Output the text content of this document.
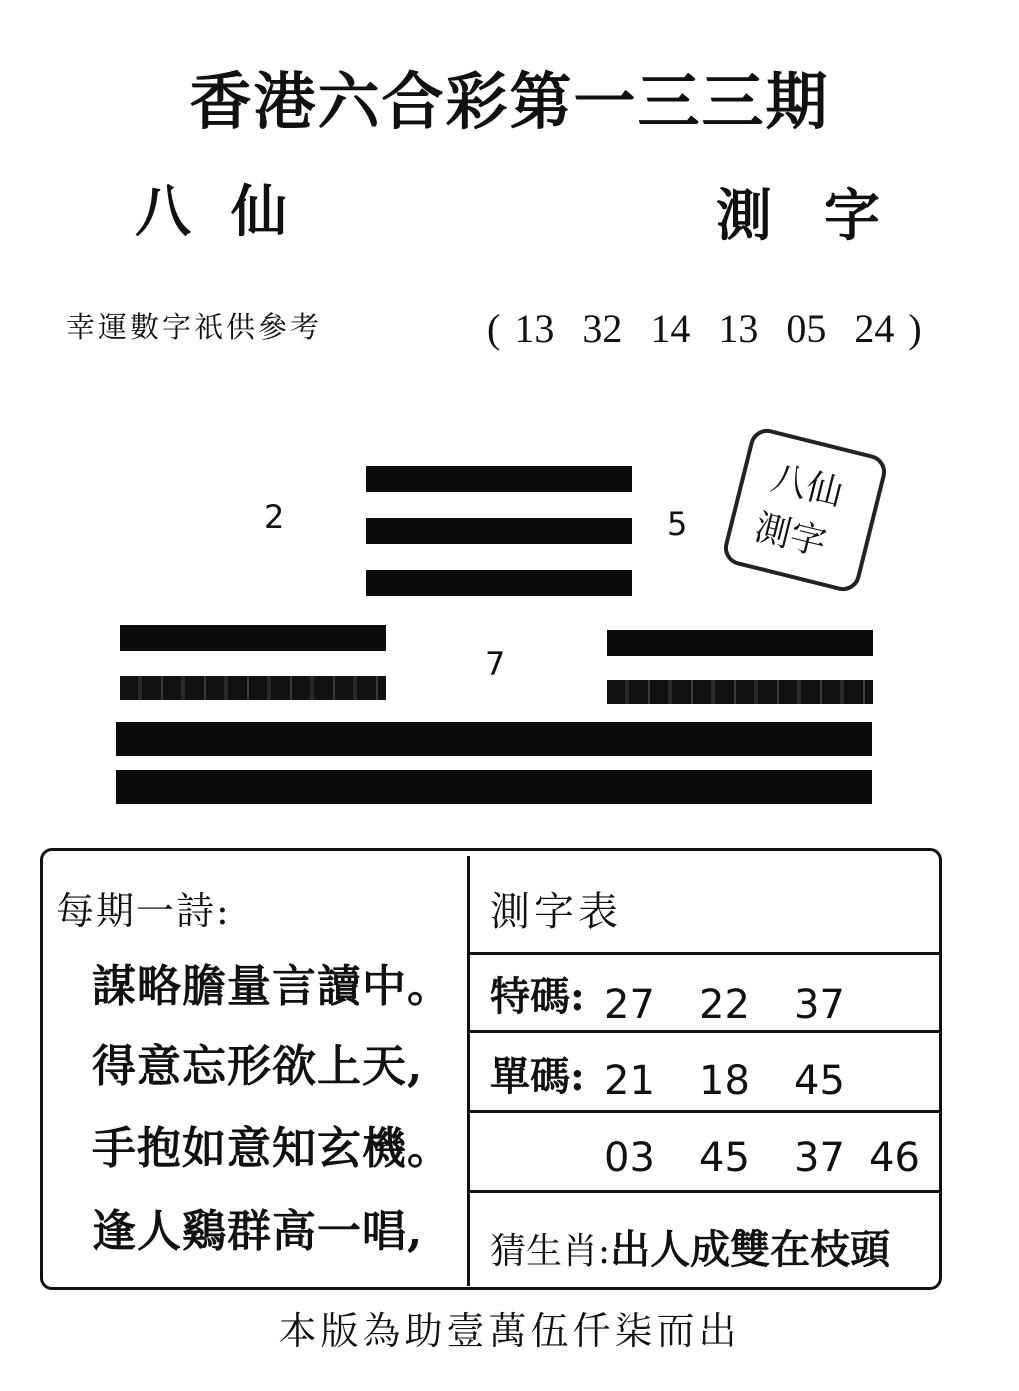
香港六合彩第一三三期
八仙	測字
幸運數字祇供參考	( 13 32 14 13 05 24 )
2	5
7
八仙
測字
每期一詩:
謀略膽量言讀中。
得意忘形欲上天,
手抱如意知玄機。
逢人鷄群高一唱,
測字表
特碼: 27 22 37
單碼: 21 18 45
03 45 37 46
猜生肖:出人成雙在枝頭
本版為助壹萬伍仟柒而出
